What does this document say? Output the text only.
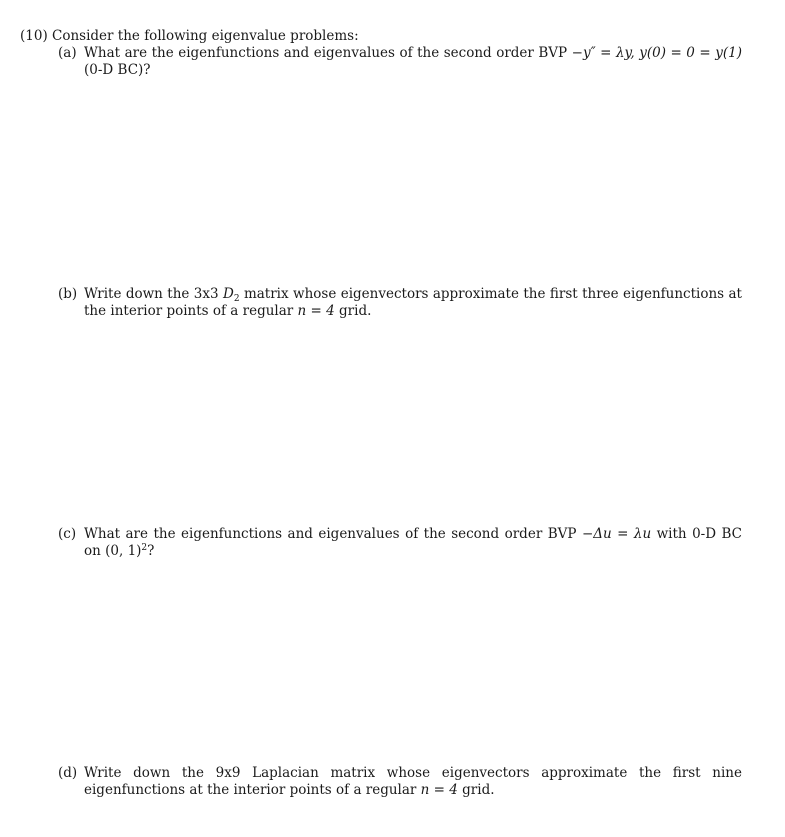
(10) Consider the following eigenvalue problems:
(a) What are the eigenfunctions and eigenvalues of the second order BVP −y″ = λy, y(0) = 0 = y(1) (0-D BC)?
(b) Write down the 3x3 $D_2$ matrix whose eigenvectors approximate the first three eigenfunctions at the interior points of a regular n = 4 grid.
(c) What are the eigenfunctions and eigenvalues of the second order BVP −Δu = λu with 0-D BC on (0, 1)$^2$?
(d) Write down the 9x9 Laplacian matrix whose eigenvectors approximate the first nine eigenfunctions at the interior points of a regular n = 4 grid.
